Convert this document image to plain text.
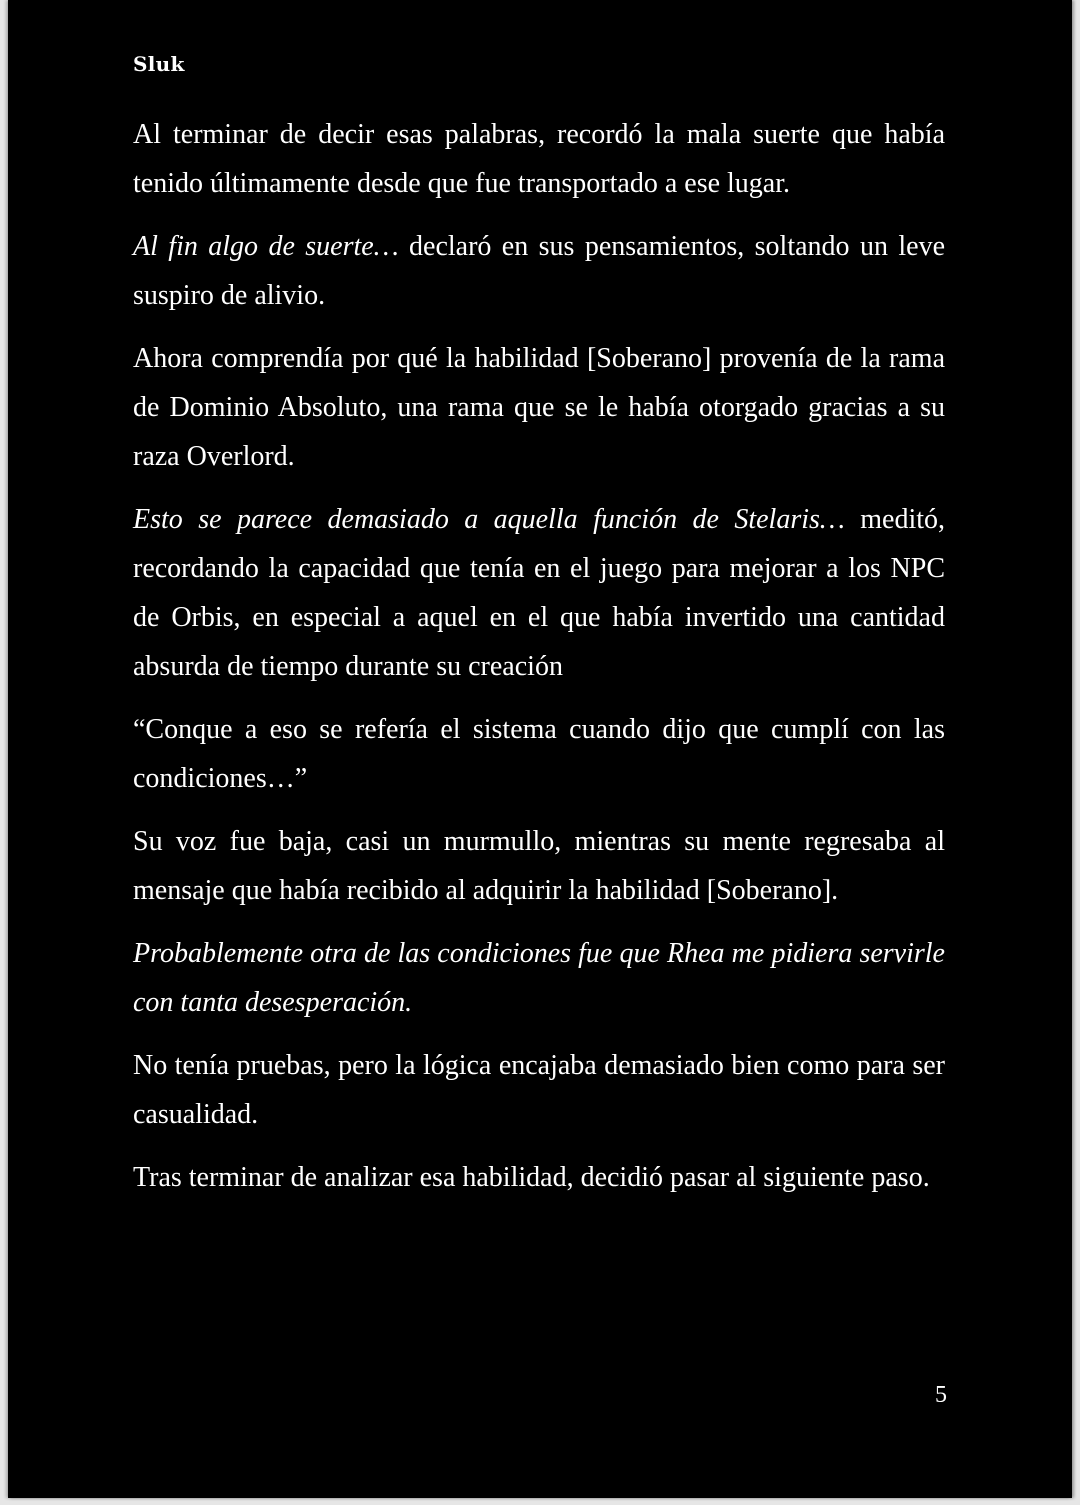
Sluk

Al terminar de decir esas palabras, recordó la mala suerte que había tenido últimamente desde que fue transportado a ese lugar.

Al fin algo de suerte… declaró en sus pensamientos, soltando un leve suspiro de alivio.

Ahora comprendía por qué la habilidad [Soberano] provenía de la rama de Dominio Absoluto, una rama que se le había otorgado gracias a su raza Overlord.

Esto se parece demasiado a aquella función de Stelaris… meditó, recordando la capacidad que tenía en el juego para mejorar a los NPC de Orbis, en especial a aquel en el que había invertido una cantidad absurda de tiempo durante su creación

“Conque a eso se refería el sistema cuando dijo que cumplí con las condiciones…”

Su voz fue baja, casi un murmullo, mientras su mente regresaba al mensaje que había recibido al adquirir la habilidad [Soberano].

Probablemente otra de las condiciones fue que Rhea me pidiera servirle con tanta desesperación.

No tenía pruebas, pero la lógica encajaba demasiado bien como para ser casualidad.

Tras terminar de analizar esa habilidad, decidió pasar al siguiente paso.

5
